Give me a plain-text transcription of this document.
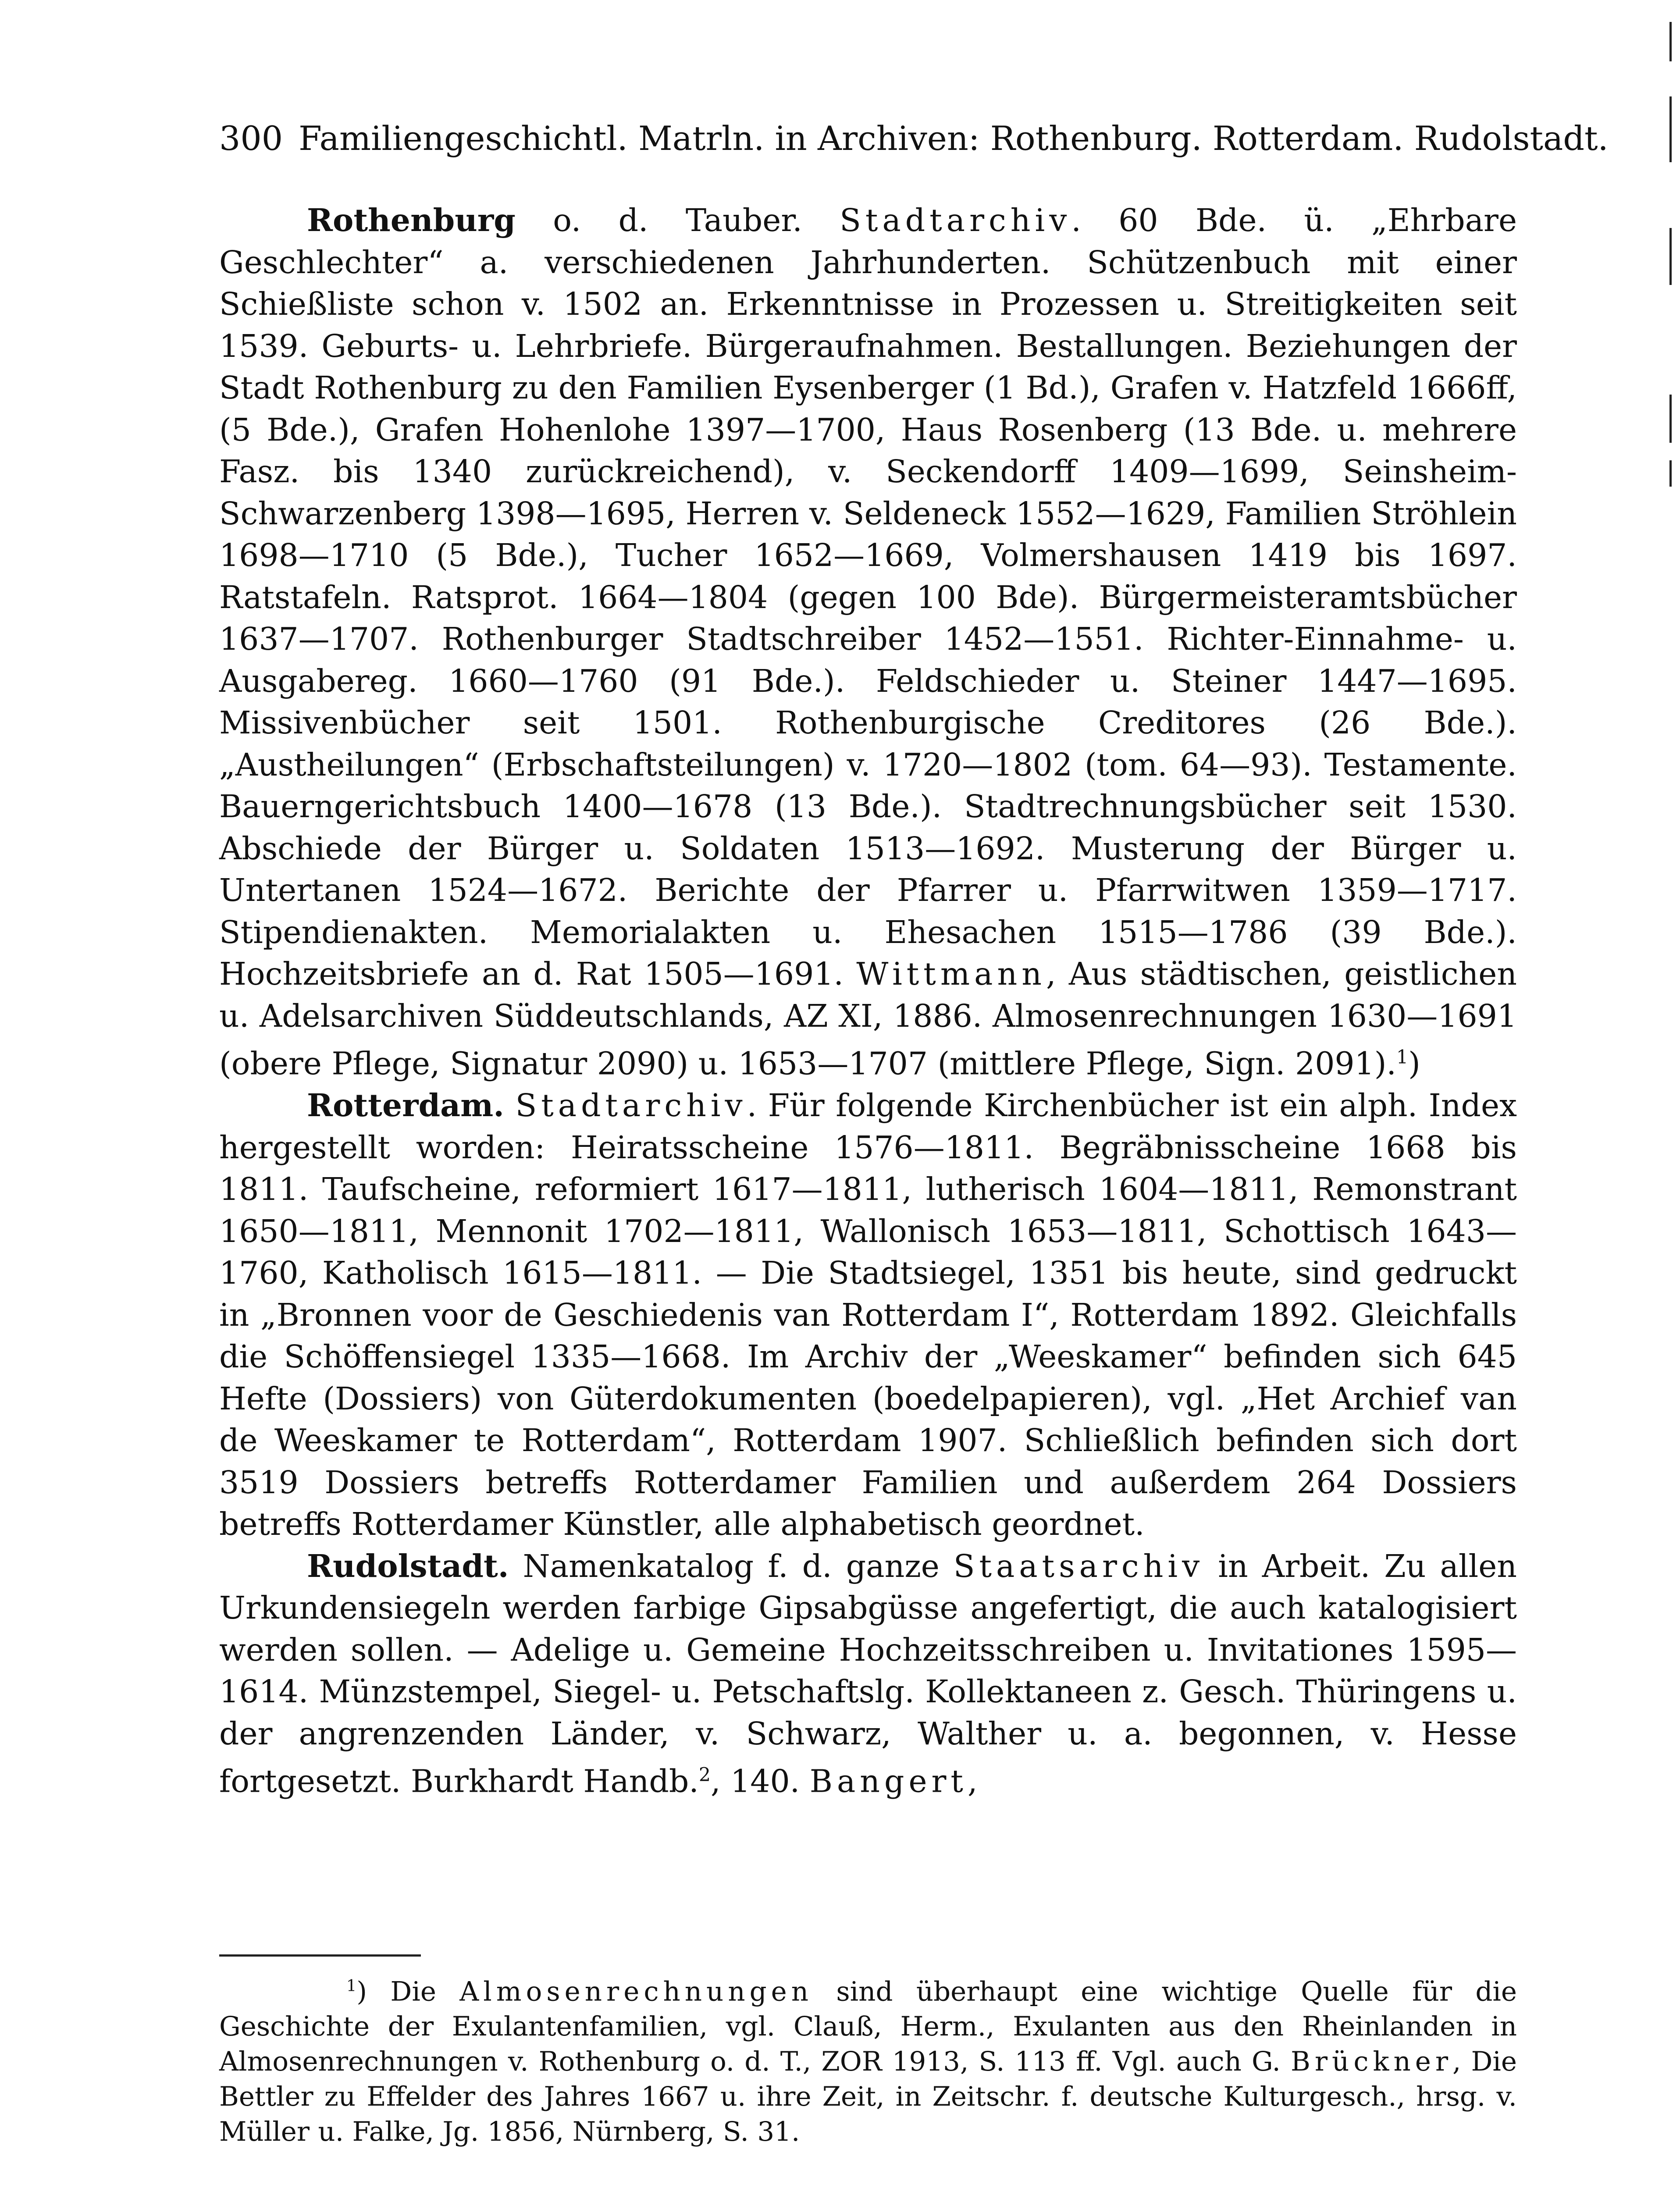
300 Familiengeschichtl. Matrln. in Archiven: Rothenburg. Rotterdam. Rudolstadt.

Rothenburg o. d. Tauber. Stadtarchiv. 60 Bde. ü. „Ehrbare Geschlechter“ a. verschiedenen Jahrhunderten. Schützenbuch mit einer Schießliste schon v. 1502 an. Erkenntnisse in Prozessen u. Streitigkeiten seit 1539. Geburts- u. Lehrbriefe. Bürgeraufnahmen. Bestallungen. Beziehungen der Stadt Rothenburg zu den Familien Eysenberger (1 Bd.), Grafen v. Hatzfeld 1666ff, (5 Bde.), Grafen Hohenlohe 1397—1700, Haus Rosenberg (13 Bde. u. mehrere Fasz. bis 1340 zurückreichend), v. Seckendorff 1409—1699, Seinsheim-Schwarzenberg 1398—1695, Herren v. Seldeneck 1552—1629, Familien Ströhlein 1698—1710 (5 Bde.), Tucher 1652—1669, Volmershausen 1419 bis 1697. Ratstafeln. Ratsprot. 1664—1804 (gegen 100 Bde). Bürgermeisteramtsbücher 1637—1707. Rothenburger Stadtschreiber 1452—1551. Richter-Einnahme- u. Ausgabereg. 1660—1760 (91 Bde.). Feldschieder u. Steiner 1447—1695. Missivenbücher seit 1501. Rothenburgische Creditores (26 Bde.). „Austheilungen“ (Erbschaftsteilungen) v. 1720—1802 (tom. 64—93). Testamente. Bauerngerichtsbuch 1400—1678 (13 Bde.). Stadtrechnungsbücher seit 1530. Abschiede der Bürger u. Soldaten 1513—1692. Musterung der Bürger u. Untertanen 1524—1672. Berichte der Pfarrer u. Pfarrwitwen 1359—1717. Stipendienakten. Memorialakten u. Ehesachen 1515—1786 (39 Bde.). Hochzeitsbriefe an d. Rat 1505—1691. Wittmann, Aus städtischen, geistlichen u. Adelsarchiven Süddeutschlands, AZ XI, 1886. Almosenrechnungen 1630—1691 (obere Pflege, Signatur 2090) u. 1653—1707 (mittlere Pflege, Sign. 2091).$^1$)

Rotterdam. Stadtarchiv. Für folgende Kirchenbücher ist ein alph. Index hergestellt worden: Heiratsscheine 1576—1811. Begräbnisscheine 1668 bis 1811. Taufscheine, reformiert 1617—1811, lutherisch 1604—1811, Remonstrant 1650—1811, Mennonit 1702—1811, Wallonisch 1653—1811, Schottisch 1643—1760, Katholisch 1615—1811. — Die Stadtsiegel, 1351 bis heute, sind gedruckt in „Bronnen voor de Geschiedenis van Rotterdam I“, Rotterdam 1892. Gleichfalls die Schöffensiegel 1335—1668. Im Archiv der „Weeskamer“ befinden sich 645 Hefte (Dossiers) von Güterdokumenten (boedelpapieren), vgl. „Het Archief van de Weeskamer te Rotterdam“, Rotterdam 1907. Schließlich befinden sich dort 3519 Dossiers betreffs Rotterdamer Familien und außerdem 264 Dossiers betreffs Rotterdamer Künstler, alle alphabetisch geordnet.

Rudolstadt. Namenkatalog f. d. ganze Staatsarchiv in Arbeit. Zu allen Urkundensiegeln werden farbige Gipsabgüsse angefertigt, die auch katalogisiert werden sollen. — Adelige u. Gemeine Hochzeitsschreiben u. Invitationes 1595—1614. Münzstempel, Siegel- u. Petschaftslg. Kollektaneen z. Gesch. Thüringens u. der angrenzenden Länder, v. Schwarz, Walther u. a. begonnen, v. Hesse fortgesetzt. Burkhardt Handb.$^2$, 140. Bangert,

$^1$) Die Almosenrechnungen sind überhaupt eine wichtige Quelle für die Geschichte der Exulantenfamilien, vgl. Clauß, Herm., Exulanten aus den Rheinlanden in Almosenrechnungen v. Rothenburg o. d. T., ZOR 1913, S. 113 ff. Vgl. auch G. Brückner, Die Bettler zu Effelder des Jahres 1667 u. ihre Zeit, in Zeitschr. f. deutsche Kulturgesch., hrsg. v. Müller u. Falke, Jg. 1856, Nürnberg, S. 31.
